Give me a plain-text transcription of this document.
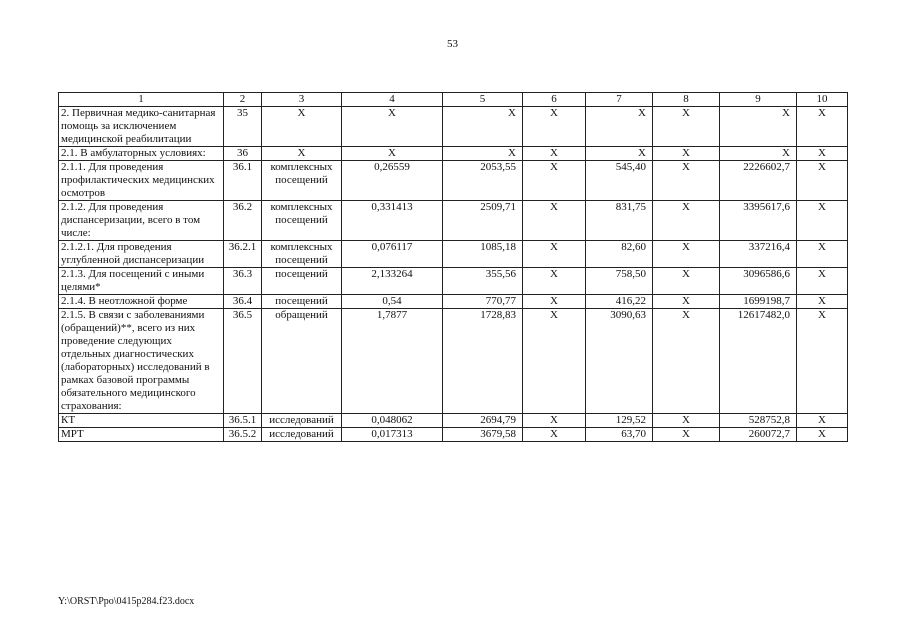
53
1	2	3	4	5	6	7	8	9	10
2. Первичная медико-санитарная помощь за исключением медицинской реабилитации	35	X	X	X	X	X	X	X	X
2.1. В амбулаторных условиях:	36	X	X	X	X	X	X	X	X
2.1.1. Для проведения профилактических медицинских осмотров	36.1	комплексных посещений	0,26559	2053,55	X	545,40	X	2226602,7	X
2.1.2. Для проведения диспансеризации, всего в том числе:	36.2	комплексных посещений	0,331413	2509,71	X	831,75	X	3395617,6	X
2.1.2.1. Для проведения углубленной диспансеризации	36.2.1	комплексных посещений	0,076117	1085,18	X	82,60	X	337216,4	X
2.1.3. Для посещений с иными целями*	36.3	посещений	2,133264	355,56	X	758,50	X	3096586,6	X
2.1.4. В неотложной форме	36.4	посещений	0,54	770,77	X	416,22	X	1699198,7	X
2.1.5. В связи с заболеваниями (обращений)**, всего из них проведение следующих отдельных диагностических (лабораторных) исследований в рамках базовой программы обязательного медицинского страхования:	36.5	обращений	1,7877	1728,83	X	3090,63	X	12617482,0	X
КТ	36.5.1	исследований	0,048062	2694,79	X	129,52	X	528752,8	X
МРТ	36.5.2	исследований	0,017313	3679,58	X	63,70	X	260072,7	X
Y:\ORST\Ppo\0415p284.f23.docx
